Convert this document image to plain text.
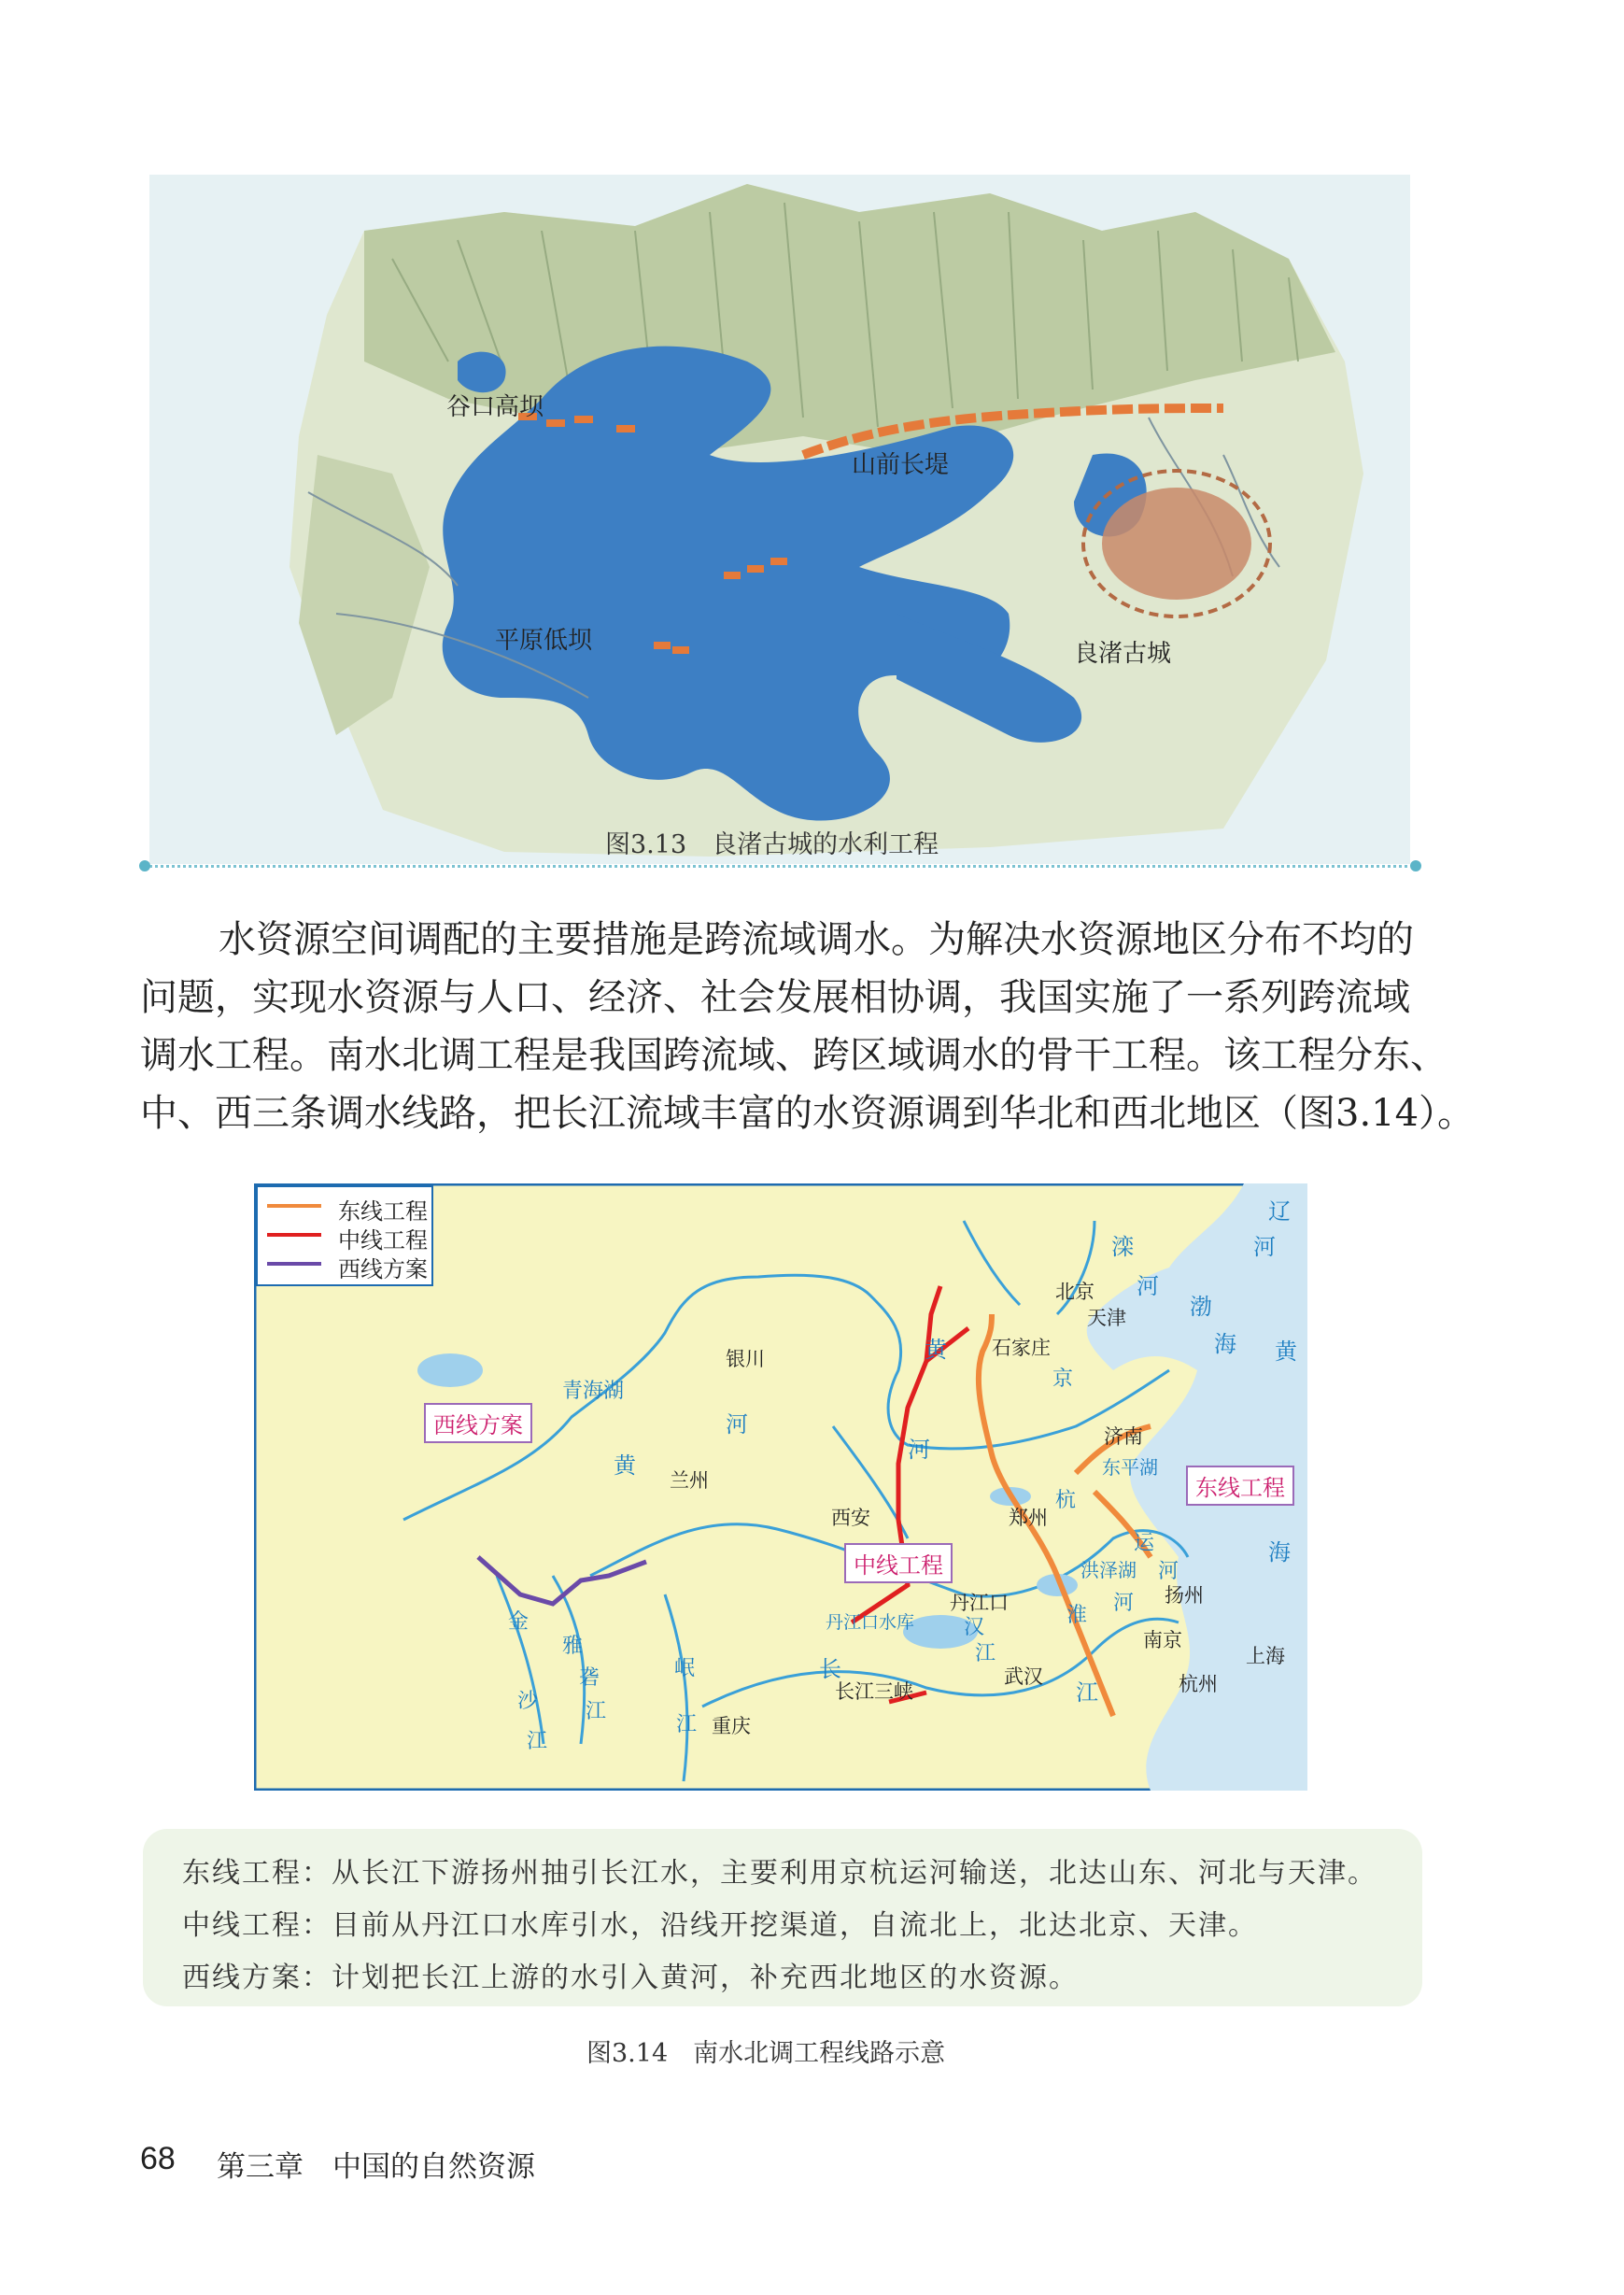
谷口高坝
山前长堤
平原低坝	良渚古城
图3.13　良渚古城的水利工程
水资源空间调配的主要措施是跨流域调水。为解决水资源地区分布不均的
问题，实现水资源与人口、经济、社会发展相协调，我国实施了一系列跨流域
调水工程。南水北调工程是我国跨流域、跨区域调水的骨干工程。该工程分东、
中、西三条调水线路，把长江流域丰富的水资源调到华北和西北地区（图3.14）。
东线工程
中线工程
西线方案
西线方案
中线工程
东线工程
北京
天津
石家庄
银川
兰州
西安	郑州
济南
丹江口
武汉
长江三峡
重庆
扬州
南京
上海
杭州
青海湖
黄
河
黄
河
辽
河
滦
河
渤
海 黄
海
京
杭
运
河
东平湖
洪泽湖
淮
河
汉
江
丹江口水库
长
江
金
沙
江
雅
砻
江
岷
江
东线工程：从长江下游扬州抽引长江水，主要利用京杭运河输送，北达山东、河北与天津。
中线工程：目前从丹江口水库引水，沿线开挖渠道，自流北上，北达北京、天津。
西线方案：计划把长江上游的水引入黄河，补充西北地区的水资源。
图3.14　南水北调工程线路示意
68 第三章　中国的自然资源
